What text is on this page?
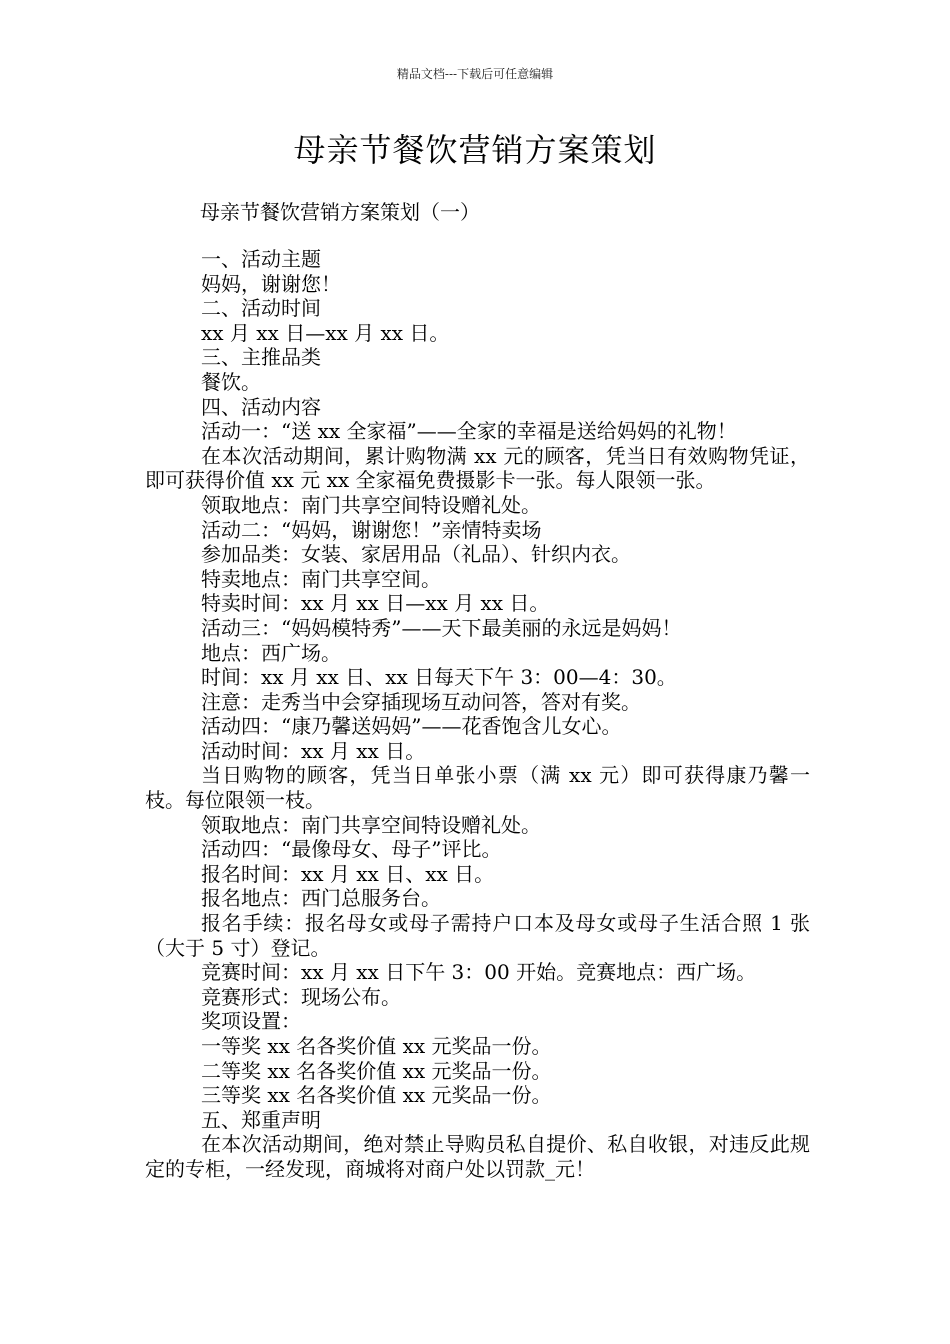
精品文档---下载后可任意编辑
母亲节餐饮营销方案策划
母亲节餐饮营销方案策划（一）

一、活动主题

妈妈，谢谢您！

二、活动时间

xx 月 xx 日—xx 月 xx 日。

三、主推品类

餐饮。

四、活动内容

活动一：“送 xx 全家福”——全家的幸福是送给妈妈的礼物！

在本次活动期间，累计购物满 xx 元的顾客，凭当日有效购物凭证，即可获得价值 xx 元 xx 全家福免费摄影卡一张。每人限领一张。

领取地点：南门共享空间特设赠礼处。

活动二：“妈妈，谢谢您！”亲情特卖场

参加品类：女装、家居用品（礼品）、针织内衣。

特卖地点：南门共享空间。

特卖时间：xx 月 xx 日—xx 月 xx 日。

活动三：“妈妈模特秀”——天下最美丽的永远是妈妈！

地点：西广场。

时间：xx 月 xx 日、xx 日每天下午 3：00—4：30。

注意：走秀当中会穿插现场互动问答，答对有奖。

活动四：“康乃馨送妈妈”——花香饱含儿女心。

活动时间：xx 月 xx 日。

当日购物的顾客，凭当日单张小票（满 xx 元）即可获得康乃馨一枝。每位限领一枝。

领取地点：南门共享空间特设赠礼处。

活动四：“最像母女、母子”评比。

报名时间：xx 月 xx 日、xx 日。

报名地点：西门总服务台。

报名手续：报名母女或母子需持户口本及母女或母子生活合照 1 张（大于 5 寸）登记。

竞赛时间：xx 月 xx 日下午 3：00 开始。竞赛地点：西广场。

竞赛形式：现场公布。

奖项设置：

一等奖 xx 名各奖价值 xx 元奖品一份。

二等奖 xx 名各奖价值 xx 元奖品一份。

三等奖 xx 名各奖价值 xx 元奖品一份。

五、郑重声明

在本次活动期间，绝对禁止导购员私自提价、私自收银，对违反此规定的专柜，一经发现，商城将对商户处以罚款_元！
